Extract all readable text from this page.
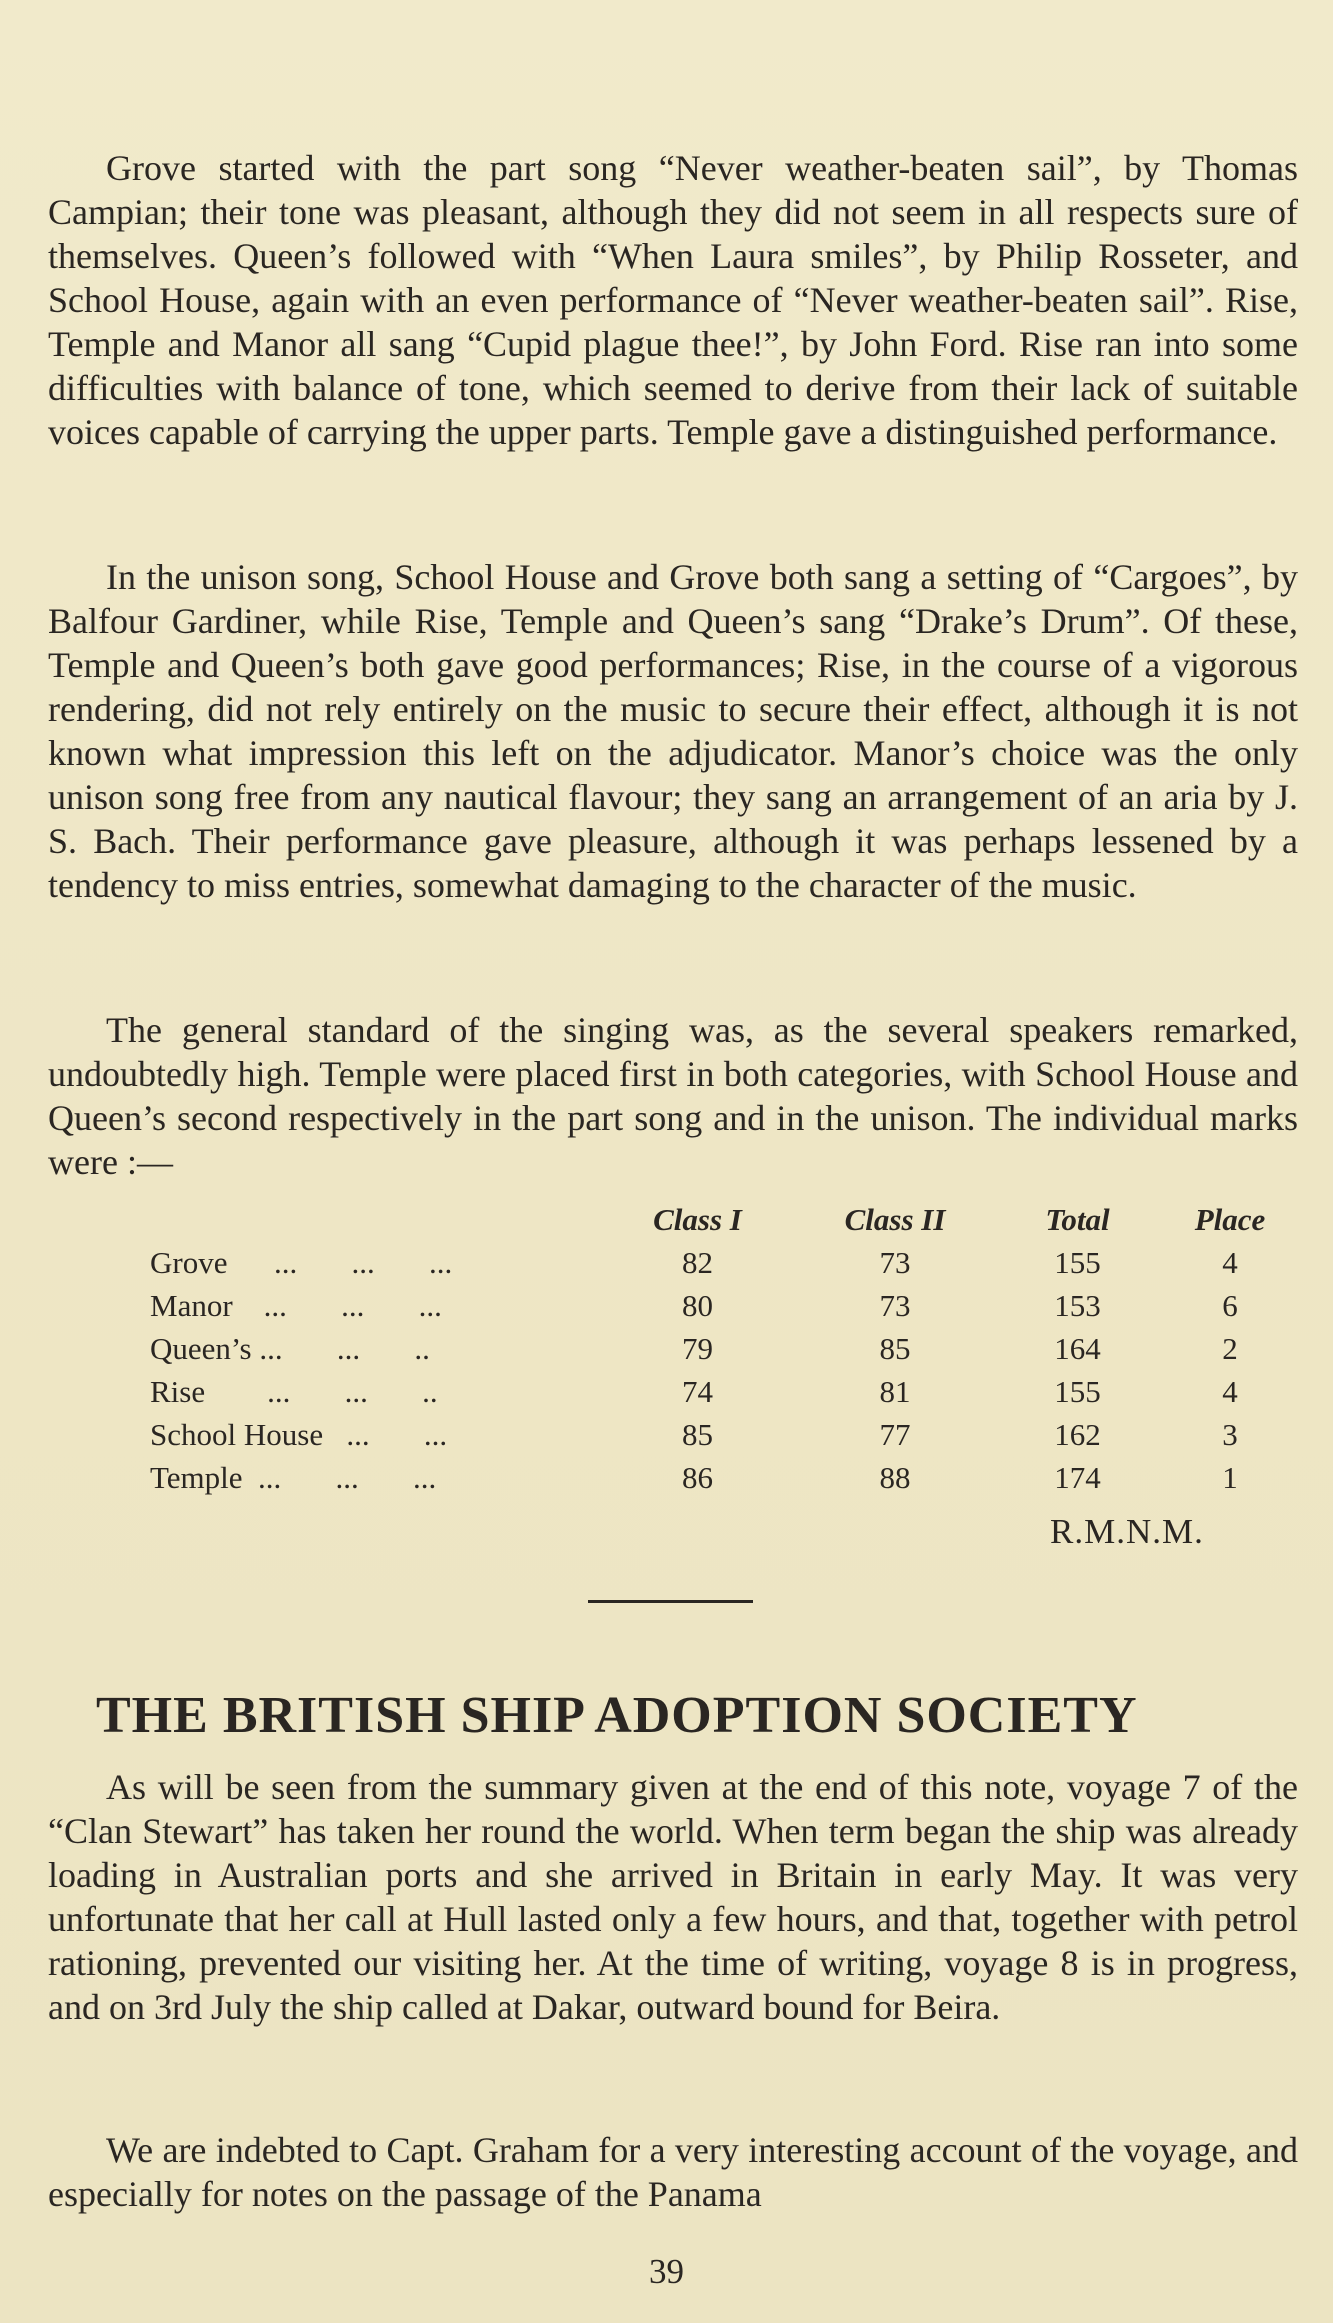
Grove started with the part song “Never weather-beaten sail”, by Thomas Campian; their tone was pleasant, although they did not seem in all respects sure of themselves. Queen’s followed with “When Laura smiles”, by Philip Rosseter, and School House, again with an even performance of “Never weather-beaten sail”. Rise, Temple and Manor all sang “Cupid plague thee!”, by John Ford. Rise ran into some difficulties with balance of tone, which seemed to derive from their lack of suitable voices capable of carrying the upper parts. Temple gave a distinguished performance.

In the unison song, School House and Grove both sang a setting of “Cargoes”, by Balfour Gardiner, while Rise, Temple and Queen’s sang “Drake’s Drum”. Of these, Temple and Queen’s both gave good performances; Rise, in the course of a vigorous rendering, did not rely entirely on the music to secure their effect, although it is not known what impression this left on the adjudicator. Manor’s choice was the only unison song free from any nautical flavour; they sang an arrangement of an aria by J. S. Bach. Their performance gave pleasure, although it was perhaps lessened by a tendency to miss entries, somewhat damaging to the character of the music.

The general standard of the singing was, as the several speakers remarked, undoubtedly high. Temple were placed first in both categories, with School House and Queen’s second respectively in the part song and in the unison. The individual marks were :—

	Class I	Class II	Total	Place
Grove      ...       ...       ...	82	73	155	4
Manor    ...       ...       ...	80	73	153	6
Queen’s ...       ...       ..	79	85	164	2
Rise        ...       ...       ..	74	81	155	4
School House   ...       ...	85	77	162	3
Temple  ...       ...       ...	86	88	174	1
R.M.N.M.
THE BRITISH SHIP ADOPTION SOCIETY

As will be seen from the summary given at the end of this note, voyage 7 of the “Clan Stewart” has taken her round the world. When term began the ship was already loading in Australian ports and she arrived in Britain in early May. It was very unfortunate that her call at Hull lasted only a few hours, and that, together with petrol rationing, prevented our visiting her. At the time of writing, voyage 8 is in progress, and on 3rd July the ship called at Dakar, outward bound for Beira.

We are indebted to Capt. Graham for a very interesting account of the voyage, and especially for notes on the passage of the Panama

39
